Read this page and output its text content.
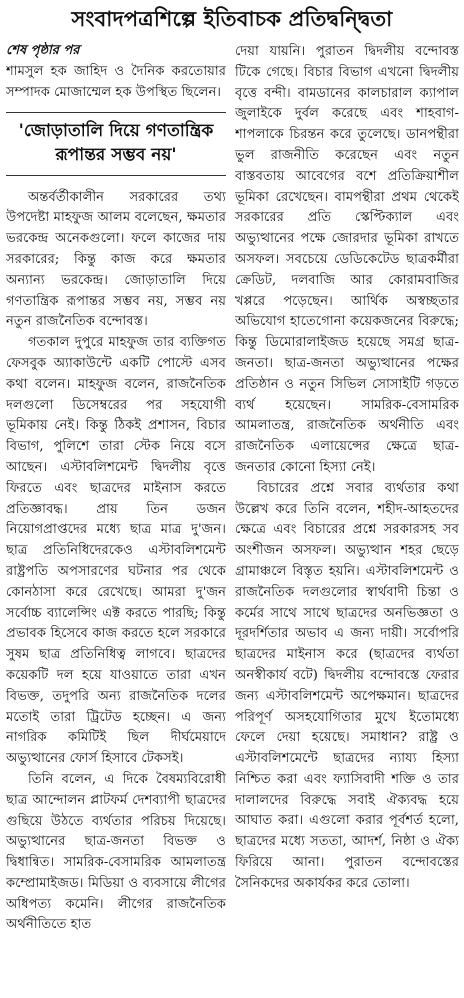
সংবাদপত্রশিল্পে ইতিবাচক প্রতিদ্বন্দ্বিতা
শেষ পৃষ্ঠার পর

শামসুল হক জাহিদ ও দৈনিক করতোয়ার সম্পাদক মোজাম্মেল হক উপস্থিত ছিলেন।

'জোড়াতালি দিয়ে গণতান্ত্রিক রূপান্তর সম্ভব নয়'

অন্তর্বর্তীকালীন সরকারের তথ্য উপদেষ্টা মাহফুজ আলম বলেছেন, ক্ষমতার ভরকেন্দ্র অনেকগুলো। ফলে কাজের দায় সরকারের; কিন্তু কাজ করে ক্ষমতার অন্যান্য ভরকেন্দ্র। জোড়াতালি দিয়ে গণতান্ত্রিক রূপান্তর সম্ভব নয়, সম্ভব নয় নতুন রাজনৈতিক বন্দোবস্ত।

গতকাল দুপুরে মাহফুজ তার ব্যক্তিগত ফেসবুক অ্যাকাউন্টে একটি পোস্টে এসব কথা বলেন। মাহফুজ বলেন, রাজনৈতিক দলগুলো ডিসেম্বরের পর সহযোগী ভূমিকায় নেই। কিন্তু ঠিকই প্রশাসন, বিচার বিভাগ, পুলিশে তারা স্টেক নিয়ে বসে আছেন। এস্টাবলিশমেন্ট দ্বিদলীয় বৃত্তে ফিরতে এবং ছাত্রদের মাইনাস করতে প্রতিজ্ঞাবদ্ধ। প্রায় তিন ডজন নিয়োগপ্রাপ্তদের মধ্যে ছাত্র মাত্র দু'জন। ছাত্র প্রতিনিধিদেরকেও এস্টাবলিশমেন্ট রাষ্ট্রপতি অপসারণের ঘটনার পর থেকে কোনঠাসা করে রেখেছে। আমরা দু'জন সর্বোচ্চ ব্যালেন্সিং এক্ট করতে পারছি; কিন্তু প্রভাবক হিসেবে কাজ করতে হলে সরকারে সুষম ছাত্র প্রতিনিধিত্ব লাগবে। ছাত্রদের কয়েকটি দল হয়ে যাওয়াতে তারা এখন বিভক্ত, তদুপরি অন্য রাজনৈতিক দলের মতোই তারা ট্রিটেড হচ্ছেন। এ জন্য নাগরিক কমিটিই ছিল দীর্ঘমেয়াদে অভ্যুত্থানের ফোর্স হিসাবে টেকসই।

তিনি বলেন, এ দিকে বৈষম্যবিরোধী ছাত্র আন্দোলন প্লাটফর্ম দেশব্যাপী ছাত্রদের গুছিয়ে উঠতে ব্যর্থতার পরিচয় দিয়েছে। অভ্যুত্থানের ছাত্র-জনতা বিভক্ত ও দ্বিধান্বিত। সামরিক-বেসামরিক আমলাতন্ত্র কম্প্রোমাইজড। মিডিয়া ও ব্যবসায়ে লীগের অধিপত্য কমেনি। লীগের রাজনৈতিক অর্থনীতিতে হাত

দেয়া যায়নি। পুরাতন দ্বিদলীয় বন্দোবস্ত টিকে গেছে। বিচার বিভাগ এখনো দ্বিদলীয় বৃত্তে বন্দী। বামডানের কালচারাল ক্যাপাল জুলাইকে দুর্বল করেছে এবং শাহবাগ-শাপলাকে চিরন্তন করে তুলেছে। ডানপন্থীরা ভুল রাজনীতি করেছেন এবং নতুন বাস্তবতায় আবেগের বশে প্রতিক্রিয়াশীল ভূমিকা রেখেছেন। বামপন্থীরা প্রথম থেকেই সরকারের প্রতি স্কেপ্টিক্যাল এবং অভ্যুত্থানের পক্ষে জোরদার ভূমিকা রাখতে অসফল। সবচেয়ে ডেডিকেটেড ছাত্রকর্মীরা ক্রেডিট, দলবাজি আর কোরামবাজির খপ্পরে পড়েছেন। আর্থিক অস্বচ্ছতার অভিযোগ হাতেগোনা কয়েকজনের বিরুদ্ধে; কিন্তু ডিমোরালাইজড হয়েছে সমগ্র ছাত্র-জনতা। ছাত্র-জনতা অভ্যুত্থানের পক্ষের প্রতিষ্ঠান ও নতুন সিভিল সোসাইটি গড়তে ব্যর্থ হয়েছেন। সামরিক-বেসামরিক আমলাতন্ত্র, রাজনৈতিক অর্থনীতি এবং রাজনৈতিক এলায়েন্সের ক্ষেত্রে ছাত্র-জনতার কোনো হিস্যা নেই।

বিচারের প্রশ্নে সবার ব্যর্থতার কথা উল্লেখ করে তিনি বলেন, শহীদ-আহতদের ক্ষেত্রে এবং বিচারের প্রশ্নে সরকারসহ সব অংশীজন অসফল। অভ্যুত্থান শহর ছেড়ে গ্রামাঞ্চলে বিস্তৃত হয়নি। এস্টাবলিশমেন্ট ও রাজনৈতিক দলগুলোর স্বার্থবাদী চিন্তা ও কর্মের সাথে সাথে ছাত্রদের অনভিজ্ঞতা ও দূরদর্শিতার অভাব এ জন্য দায়ী। সর্বোপরি ছাত্রদের মাইনাস করে (ছাত্রদের ব্যর্থতা অনস্বীকার্য বটে) দ্বিদলীয় বন্দোবস্তে ফেরার জন্য এস্টাবলিশমেন্ট অপেক্ষমান। ছাত্রদের পরিপূর্ণ অসহযোগিতার মুখে ইতোমধ্যে ফেলে দেয়া হয়েছে। সমাধান? রাষ্ট্র ও এস্টাবলিশমেন্টে ছাত্রদের ন্যায্য হিস্যা নিশ্চিত করা এবং ফ্যাসিবাদী শক্তি ও তার দালালদের বিরুদ্ধে সবাই ঐক্যবদ্ধ হয়ে আঘাত করা। এগুলো করার পূর্বশর্ত হলো, ছাত্রদের মধ্যে সততা, আদর্শ, নিষ্ঠা ও ঐক্য ফিরিয়ে আনা। পুরাতন বন্দোবস্তের সৈনিকদের অকার্যকর করে তোলা।
